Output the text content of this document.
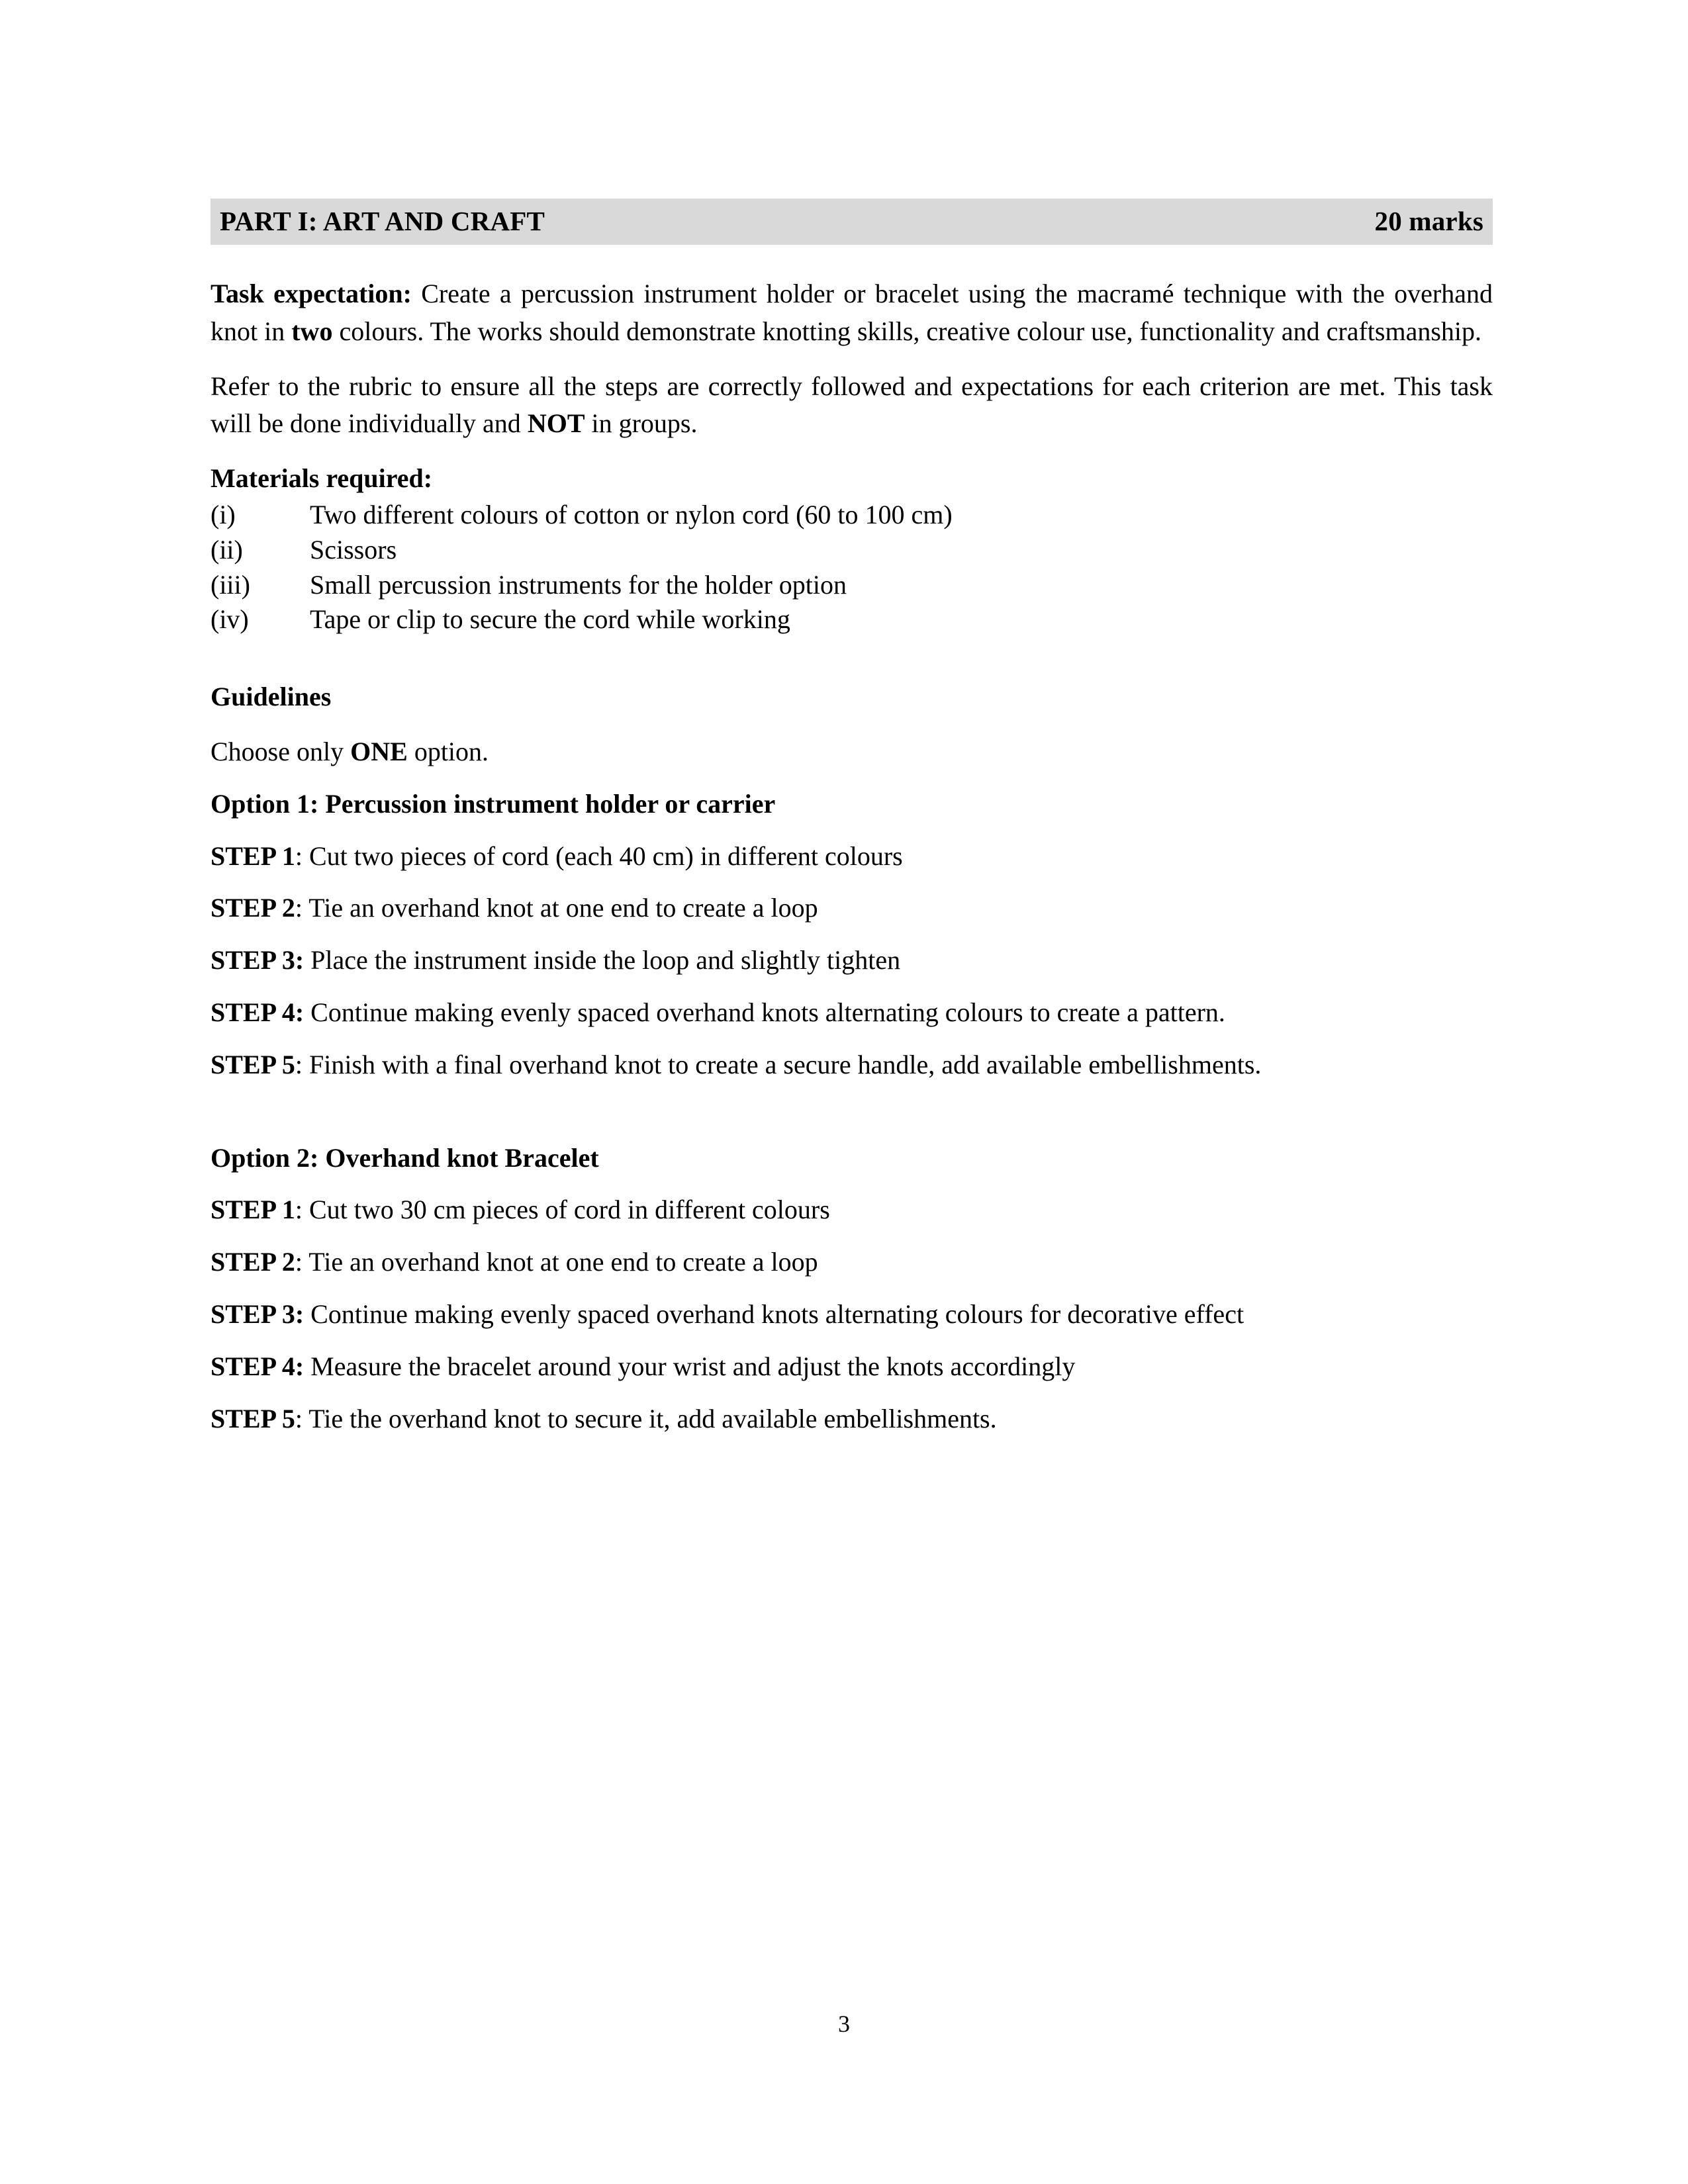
PART I: ART AND CRAFT	20 marks

Task expectation: Create a percussion instrument holder or bracelet using the macramé technique with the overhand knot in two colours. The works should demonstrate knotting skills, creative colour use, functionality and craftsmanship.

Refer to the rubric to ensure all the steps are correctly followed and expectations for each criterion are met. This task will be done individually and NOT in groups.

Materials required:

(i)	Two different colours of cotton or nylon cord (60 to 100 cm)
(ii)	Scissors
(iii)	Small percussion instruments for the holder option
(iv)	Tape or clip to secure the cord while working

Guidelines

Choose only ONE option.

Option 1: Percussion instrument holder or carrier

STEP 1: Cut two pieces of cord (each 40 cm) in different colours

STEP 2: Tie an overhand knot at one end to create a loop

STEP 3: Place the instrument inside the loop and slightly tighten

STEP 4: Continue making evenly spaced overhand knots alternating colours to create a pattern.

STEP 5: Finish with a final overhand knot to create a secure handle, add available embellishments.

Option 2: Overhand knot Bracelet

STEP 1: Cut two 30 cm pieces of cord in different colours

STEP 2: Tie an overhand knot at one end to create a loop

STEP 3: Continue making evenly spaced overhand knots alternating colours for decorative effect

STEP 4: Measure the bracelet around your wrist and adjust the knots accordingly

STEP 5: Tie the overhand knot to secure it, add available embellishments.

3
